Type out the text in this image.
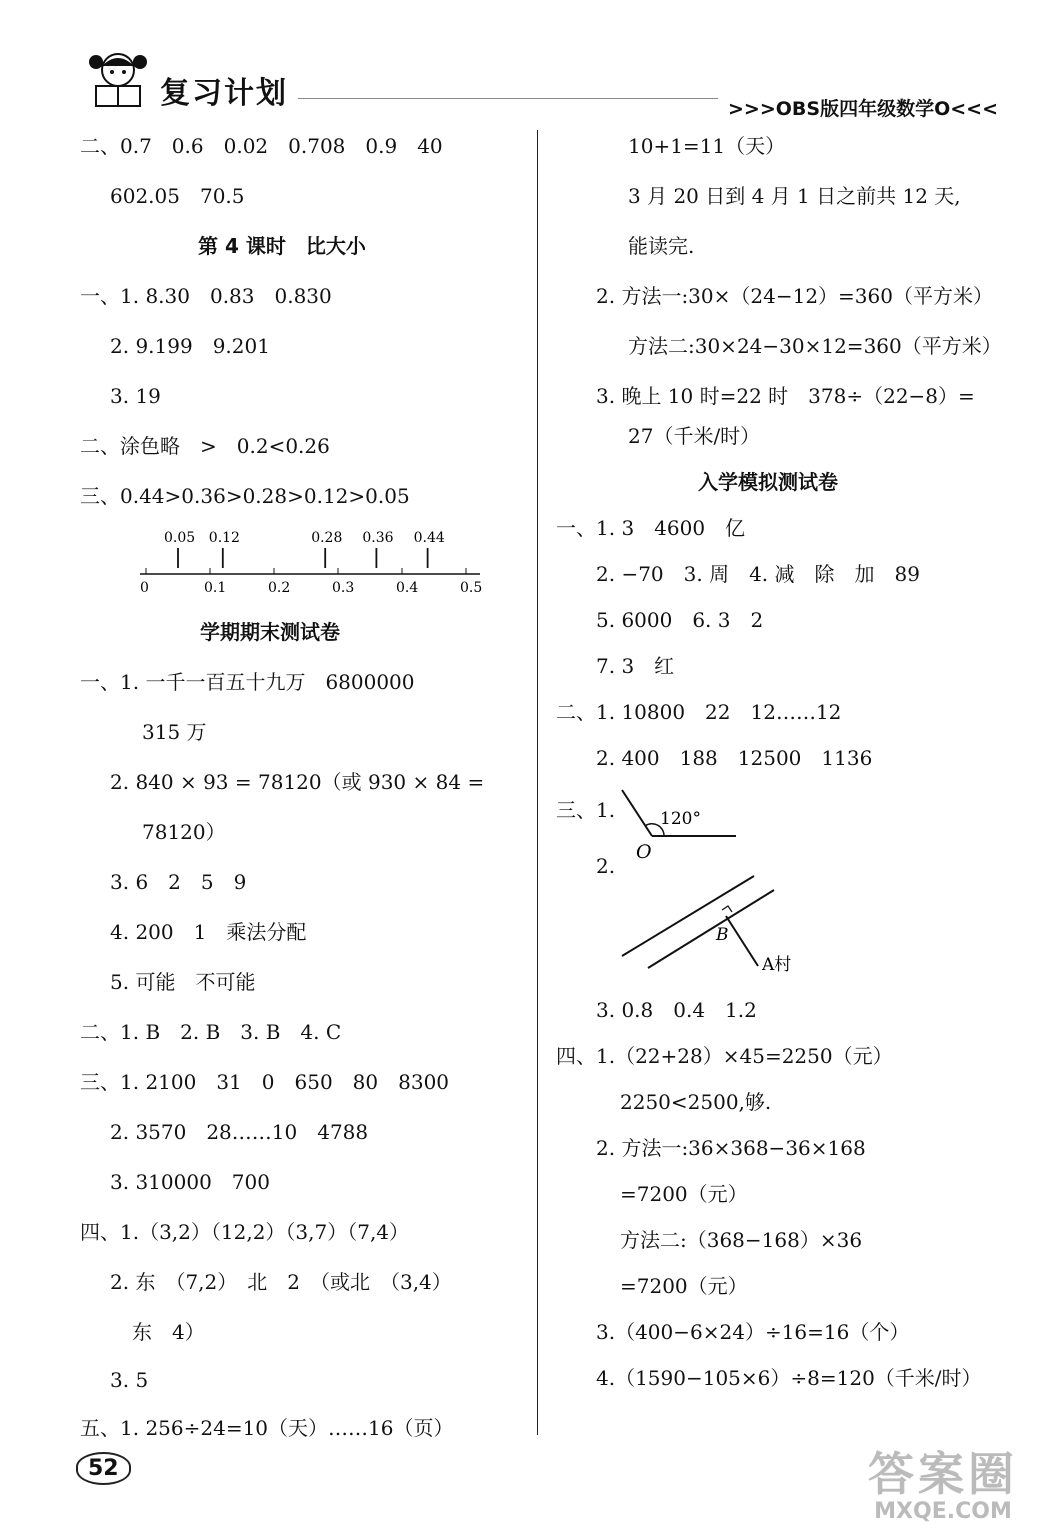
复习计划	>>>OBS版四年级数学O<<<
二、0.7　0.6　0.02　0.708　0.9　40
602.05　70.5
第 4 课时　比大小
一、1. 8.30　0.83　0.830
2. 9.199　9.201
3. 19
二、涂色略　>　0.2<0.26
三、0.44>0.36>0.28>0.12>0.05
学期期末测试卷
一、1. 一千一百五十九万　6800000
315 万
2. 840 × 93 = 78120（或 930 × 84 =
78120）
3. 6　2　5　9
4. 200　1　乘法分配
5. 可能　不可能
二、1. B　2. B　3. B　4. C
三、1. 2100　31　0　650　80　8300
2. 3570　28……10　4788
3. 310000　700
四、1.（3,2）（12,2）（3,7）（7,4）
2. 东　（7,2）　北　2　（或北　（3,4）
东　4）
3. 5
五、1. 256÷24=10（天）……16（页）
10+1=11（天）
3 月 20 日到 4 月 1 日之前共 12 天,
能读完.
2. 方法一:30×（24−12）=360（平方米）
方法二:30×24−30×12=360（平方米）
3. 晚上 10 时=22 时　378÷（22−8）=
27（千米/时）
入学模拟测试卷
一、1. 3　4600　亿
2. −70　3. 周　4. 减　除　加　89
5. 6000　6. 3　2
7. 3　红
二、1. 10800　22　12……12
2. 400　188　12500　1136
三、1.
2.
3. 0.8　0.4　1.2
四、1.（22+28）×45=2250（元）
2250<2500,够.
2. 方法一:36×368−36×168
=7200（元）
方法二:（368−168）×36
=7200（元）
3.（400−6×24）÷16=16（个）
4.（1590−105×6）÷8=120（千米/时）
0	0.1	0.2	0.3	0.4	0.5
0.05 0.12	0.28 0.36 0.44
120°
O
B
A村
52	答案圈
MXQE.COM
